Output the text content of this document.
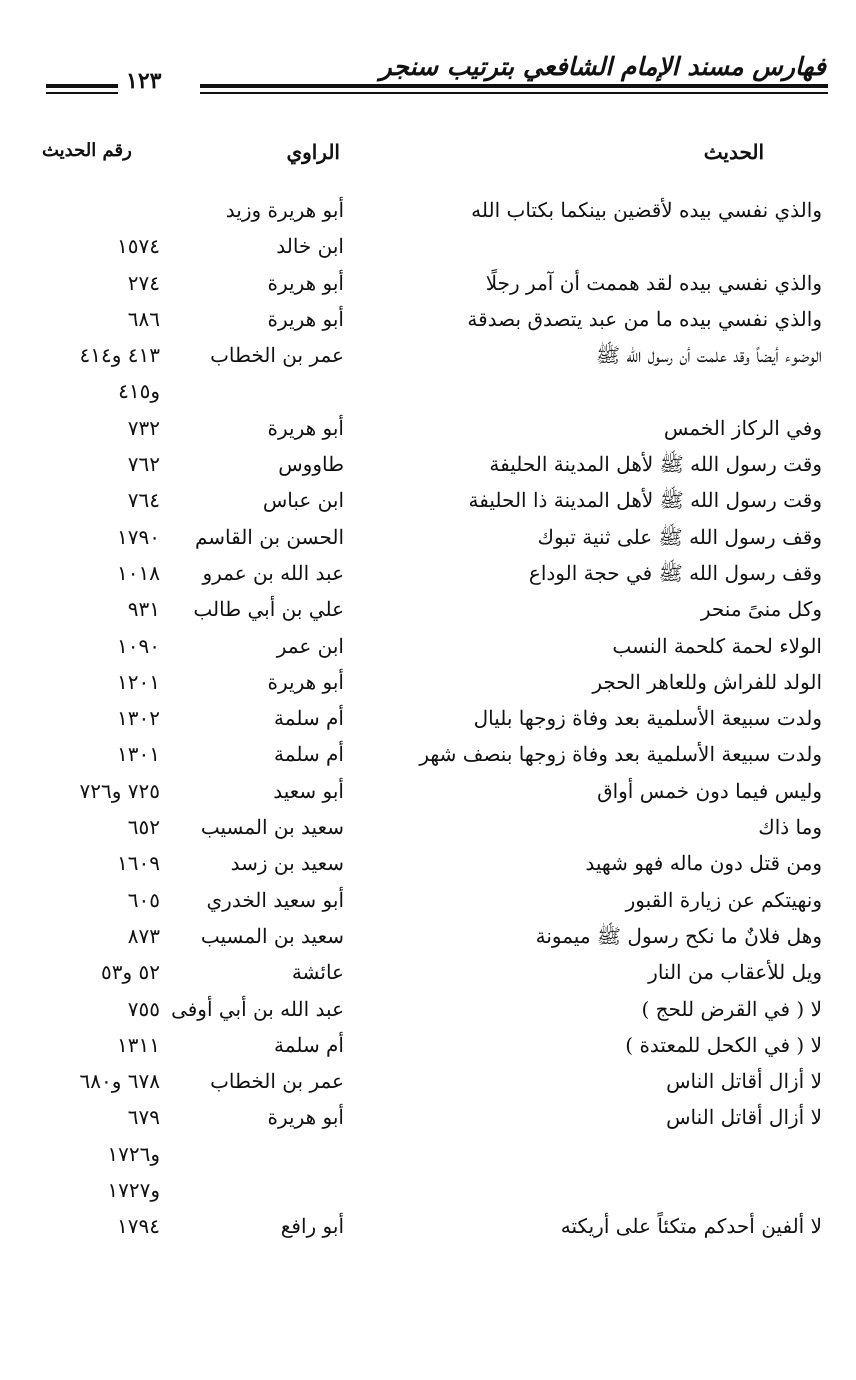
فهارس مسند الإمام الشافعي بترتيب سنجر
١٢٣
الحديث
الراوي
رقم الحديث
والذي نفسي بيده لأقضين بينكما بكتاب الله
أبو هريرة وزيد
ابن خالد
١٥٧٤
والذي نفسي بيده لقد هممت أن آمر رجلًا
أبو هريرة
٢٧٤
والذي نفسي بيده ما من عبد يتصدق بصدقة
أبو هريرة
٦٨٦
الوضوء أيضاً وقد علمت أن رسول الله ﷺ
عمر بن الخطاب
٤١٣ و٤١٤
و٤١٥
وفي الركاز الخمس
أبو هريرة
٧٣٢
وقت رسول الله ﷺ لأهل المدينة الحليفة
طاووس
٧٦٢
وقت رسول الله ﷺ لأهل المدينة ذا الحليفة
ابن عباس
٧٦٤
وقف رسول الله ﷺ على ثنية تبوك
الحسن بن القاسم
١٧٩٠
وقف رسول الله ﷺ في حجة الوداع
عبد الله بن عمرو
١٠١٨
وكل منىً منحر
علي بن أبي طالب
٩٣١
الولاء لحمة كلحمة النسب
ابن عمر
١٠٩٠
الولد للفراش وللعاهر الحجر
أبو هريرة
١٢٠١
ولدت سبيعة الأسلمية بعد وفاة زوجها بليال
أم سلمة
١٣٠٢
ولدت سبيعة الأسلمية بعد وفاة زوجها بنصف شهر
أم سلمة
١٣٠١
وليس فيما دون خمس أواق
أبو سعيد
٧٢٥ و٧٢٦
وما ذاك
سعيد بن المسيب
٦٥٢
ومن قتل دون ماله فهو شهيد
سعيد بن زسد
١٦٠٩
ونهيتكم عن زيارة القبور
أبو سعيد الخدري
٦٠٥
وهل فلانٌ ما نكح رسول ﷺ ميمونة
سعيد بن المسيب
٨٧٣
ويل للأعقاب من النار
عائشة
٥٢ و٥٣
لا ( في القرض للحج )
عبد الله بن أبي أوفى
٧٥٥
لا ( في الكحل للمعتدة )
أم سلمة
١٣١١
لا أزال أقاتل الناس
عمر بن الخطاب
٦٧٨ و٦٨٠
لا أزال أقاتل الناس
أبو هريرة
٦٧٩
و١٧٢٦
و١٧٢٧
لا ألفين أحدكم متكئاً على أريكته
أبو رافع
١٧٩٤
